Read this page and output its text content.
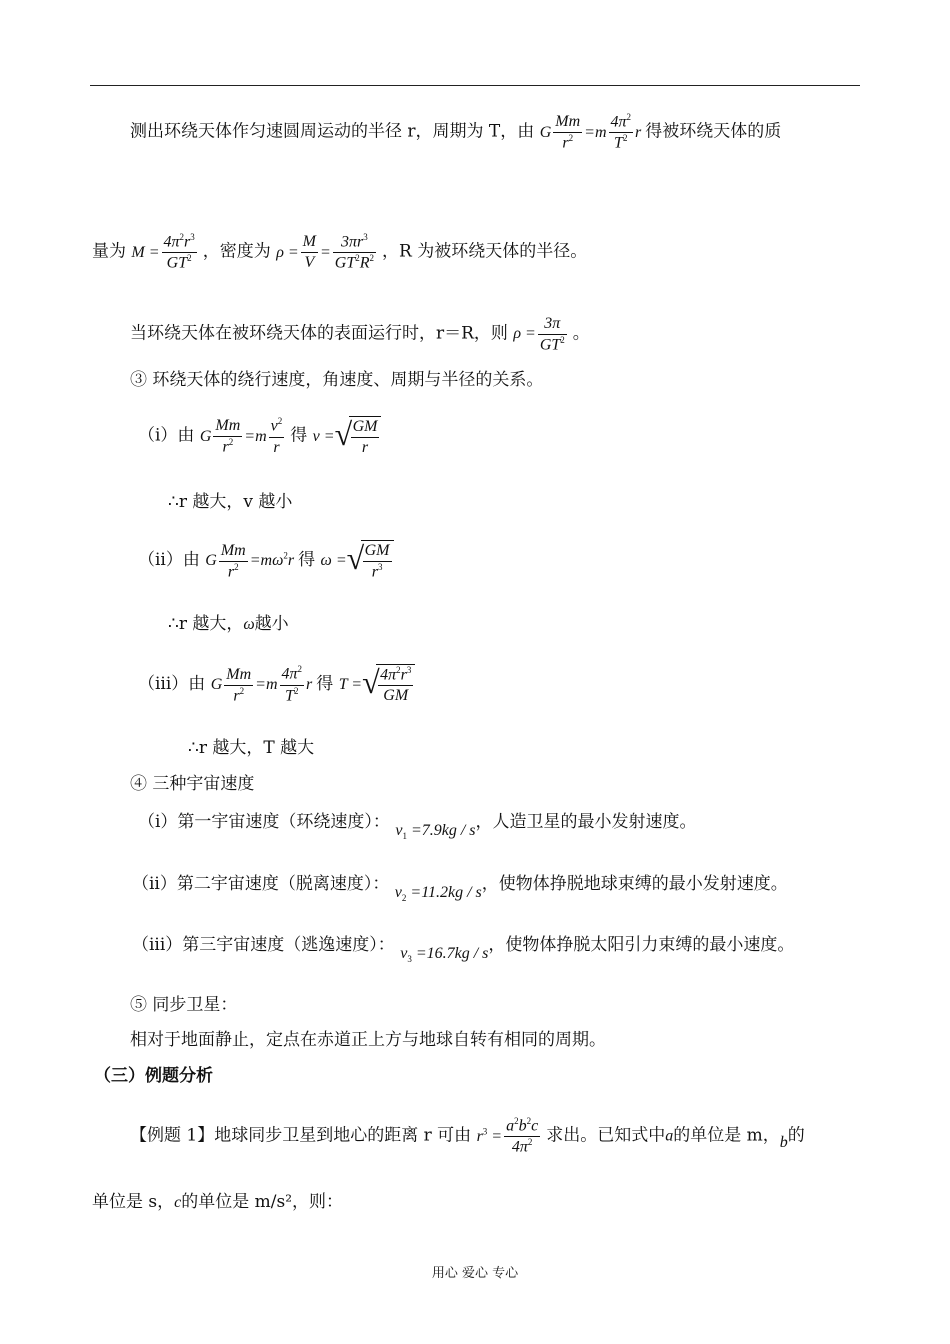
测出环绕天体作匀速圆周运动的半径 r，周期为 T，由 G $\frac{Mm}{r^2} =m \frac{4\pi^2}{T^2}$ r 得被环绕天体的质
量为 $M = \frac{4\pi^2r^3}{GT^2}$ ，密度为 $\rho = \frac{M}{V} = \frac{3\pi r^3}{GT^2R^2}$ ，R 为被环绕天体的半径。
当环绕天体在被环绕天体的表面运行时，r＝R，则 $\rho = \frac{3\pi}{GT^2}$ 。
③ 环绕天体的绕行速度，角速度、周期与半径的关系。
（i）由 G $\frac{Mm}{r^2} =m \frac{v^2}{r}$ 得 v = √
$\frac{GM}{r}$
∴r 越大，v 越小
（ii）由 G $\frac{Mm}{r^2} =m\omega^2r$ 得 ω = √
$\frac{GM}{r^3}$
∴r 越大，ω越小
（iii）由 G $\frac{Mm}{r^2} =m \frac{4\pi^2}{T^2}$ r 得 T = √
$\frac{4\pi^2r^3}{GM}$
∴r 越大，T 越大
④ 三种宇宙速度
（i）第一宇宙速度（环绕速度）： $v_1 =7.9kg / s$，人造卫星的最小发射速度。
（ii）第二宇宙速度（脱离速度）： $v_2 =11.2kg / s$，使物体挣脱地球束缚的最小发射速度。
（iii）第三宇宙速度（逃逸速度）： $v_3 =16.7kg / s$，使物体挣脱太阳引力束缚的最小速度。
⑤ 同步卫星：
相对于地面静止，定点在赤道正上方与地球自转有相同的周期。
（三）例题分析
【例题 1】地球同步卫星到地心的距离 r 可由 $r^3 = \frac{a^2b^2c}{4\pi^2}$ 求出。已知式中a的单位是 m，b的
单位是 s，c的单位是 m/s²，则：
用心 爱心 专心
